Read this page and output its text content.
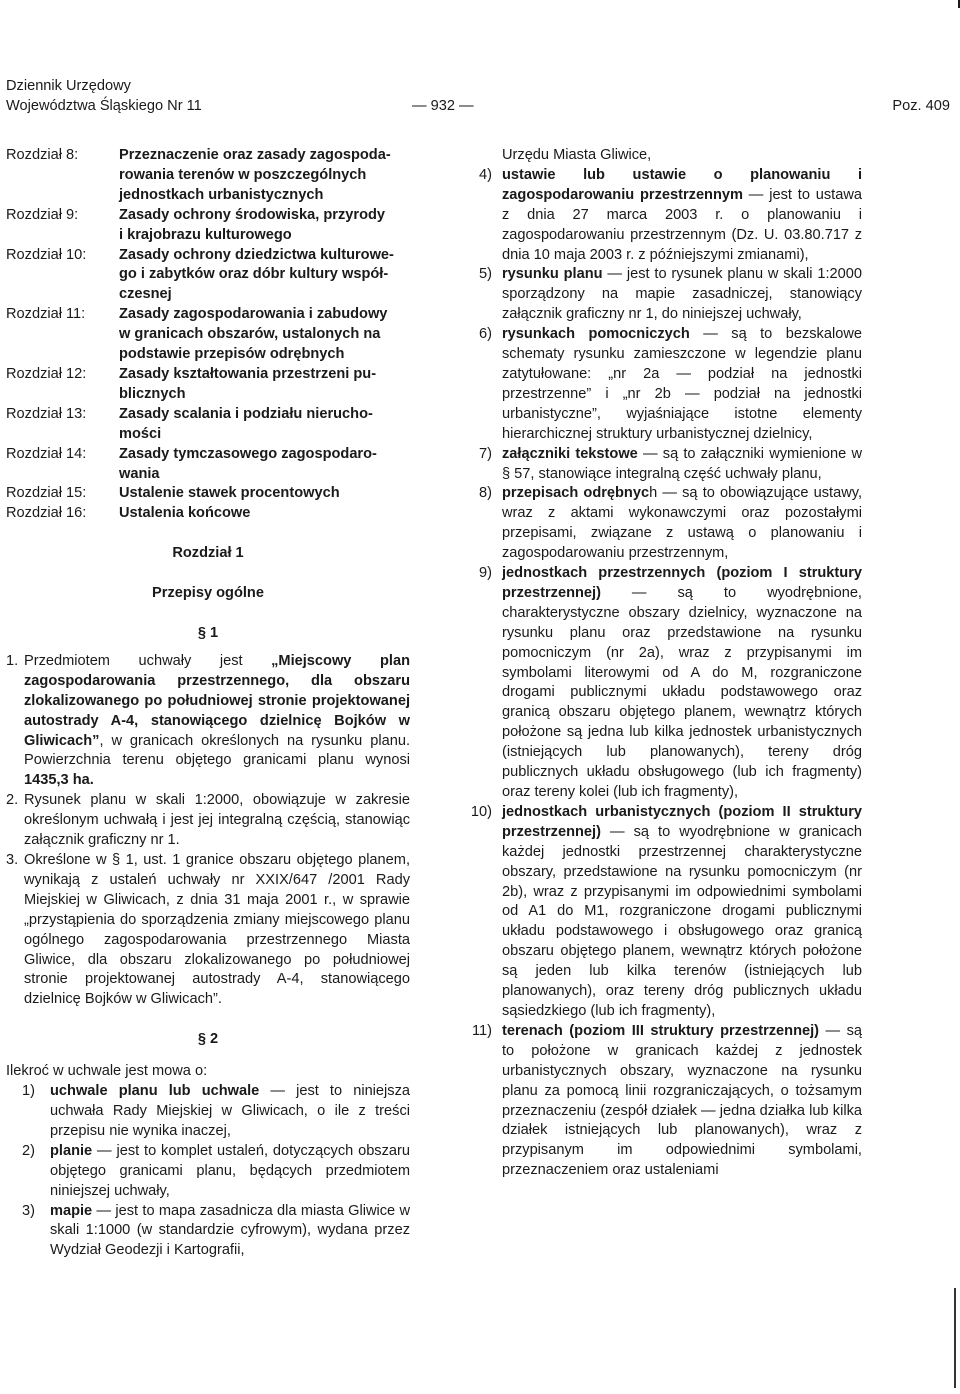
Dziennik Urzędowy
Województwa Śląskiego Nr 11	— 932 —	Poz. 409
Rozdział 8:	Przeznaczenie oraz zasady zagospoda-
rowania terenów w poszczególnych
jednostkach urbanistycznych
Rozdział 9:	Zasady ochrony środowiska, przyrody
i krajobrazu kulturowego
Rozdział 10:	Zasady ochrony dziedzictwa kulturowe-
go i zabytków oraz dóbr kultury współ-
czesnej
Rozdział 11:	Zasady zagospodarowania i zabudowy
w granicach obszarów, ustalonych na
podstawie przepisów odrębnych
Rozdział 12:	Zasady kształtowania przestrzeni pu-
blicznych
Rozdział 13:	Zasady scalania i podziału nierucho-
mości
Rozdział 14:	Zasady tymczasowego zagospodaro-
wania
Rozdział 15:	Ustalenie stawek procentowych
Rozdział 16:	Ustalenia końcowe
Rozdział 1
Przepisy ogólne
§ 1
1. Przedmiotem uchwały jest „Miejscowy plan zagospodarowania przestrzennego, dla obszaru zlokalizowanego po południowej stronie projektowanej autostrady A-4, stanowiącego dzielnicę Bojków w Gliwicach”, w granicach określonych na rysunku planu. Powierzchnia terenu objętego granicami planu wynosi 1435,3 ha.
2. Rysunek planu w skali 1:2000, obowiązuje w zakresie określonym uchwałą i jest jej integralną częścią, stanowiąc załącznik graficzny nr 1.
3. Określone w § 1, ust. 1 granice obszaru objętego planem, wynikają z ustaleń uchwały nr XXIX/647 /2001 Rady Miejskiej w Gliwicach, z dnia 31 maja 2001 r., w sprawie „przystąpienia do sporządzenia zmiany miejscowego planu ogólnego zagospodarowania przestrzennego Miasta Gliwice, dla obszaru zlokalizowanego po południowej stronie projektowanej autostrady A-4, stanowiącego dzielnicę Bojków w Gliwicach”.
§ 2
Ilekroć w uchwale jest mowa o:
1)	uchwale planu lub uchwale — jest to niniejsza uchwała Rady Miejskiej w Gliwicach, o ile z treści przepisu nie wynika inaczej,
2)	planie — jest to komplet ustaleń, dotyczących obszaru objętego granicami planu, będących przedmiotem niniejszej uchwały,
3)	mapie — jest to mapa zasadnicza dla miasta Gliwice w skali 1:1000 (w standardzie cyfrowym), wydana przez Wydział Geodezji i Kartografii,
Urzędu Miasta Gliwice,
4) ustawie lub ustawie o planowaniu i zagospodarowaniu przestrzennym — jest to ustawa z dnia 27 marca 2003 r. o planowaniu i zagospodarowaniu przestrzennym (Dz. U. 03.80.717 z dnia 10 maja 2003 r. z późniejszymi zmianami),
5) rysunku planu — jest to rysunek planu w skali 1:2000 sporządzony na mapie zasadniczej, stanowiący załącznik graficzny nr 1, do niniejszej uchwały,
6) rysunkach pomocniczych — są to bezskalowe schematy rysunku zamieszczone w legendzie planu zatytułowane: „nr 2a — podział na jednostki przestrzenne” i „nr 2b — podział na jednostki urbanistyczne”, wyjaśniające istotne elementy hierarchicznej struktury urbanistycznej dzielnicy,
7) załączniki tekstowe — są to załączniki wymienione w § 57, stanowiące integralną część uchwały planu,
8) przepisach odrębnych — są to obowiązujące ustawy, wraz z aktami wykonawczymi oraz pozostałymi przepisami, związane z ustawą o planowaniu i zagospodarowaniu przestrzennym,
9) jednostkach przestrzennych (poziom I struktury przestrzennej) — są to wyodrębnione, charakterystyczne obszary dzielnicy, wyznaczone na rysunku planu oraz przedstawione na rysunku pomocniczym (nr 2a), wraz z przypisanymi im symbolami literowymi od A do M, rozgraniczone drogami publicznymi układu podstawowego oraz granicą obszaru objętego planem, wewnątrz których położone są jedna lub kilka jednostek urbanistycznych (istniejących lub planowanych), tereny dróg publicznych układu obsługowego (lub ich fragmenty) oraz tereny kolei (lub ich fragmenty),
10) jednostkach urbanistycznych (poziom II struktury przestrzennej) — są to wyodrębnione w granicach każdej jednostki przestrzennej charakterystyczne obszary, przedstawione na rysunku pomocniczym (nr 2b), wraz z przypisanymi im odpowiednimi symbolami od A1 do M1, rozgraniczone drogami publicznymi układu podstawowego i obsługowego oraz granicą obszaru objętego planem, wewnątrz których położone są jeden lub kilka terenów (istniejących lub planowanych), oraz tereny dróg publicznych układu sąsiedzkiego (lub ich fragmenty),
11) terenach (poziom III struktury przestrzennej) — są to położone w granicach każdej z jednostek urbanistycznych obszary, wyznaczone na rysunku planu za pomocą linii rozgraniczających, o tożsamym przeznaczeniu (zespół działek — jedna działka lub kilka działek istniejących lub planowanych), wraz z przypisanym im odpowiednimi symbolami, przeznaczeniem oraz ustaleniami
